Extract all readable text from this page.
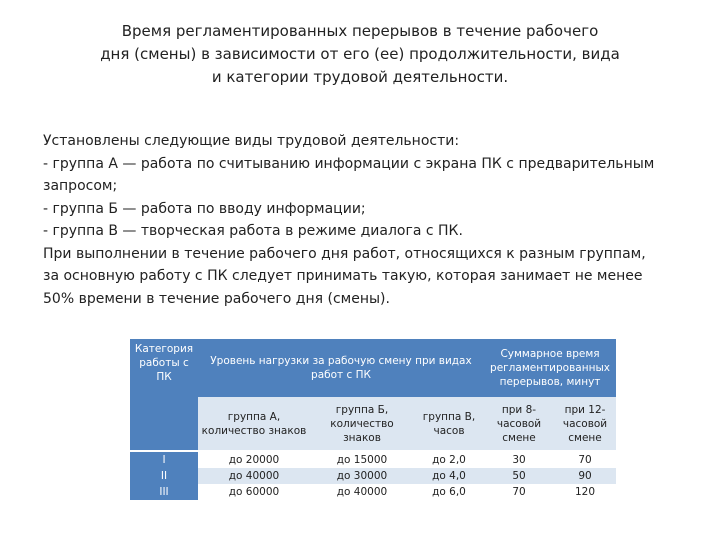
Время регламентированных перерывов в течение рабочего
дня (смены) в зависимости от его (ее) продолжительности, вида
и категории трудовой деятельности.
Установлены следующие виды трудовой деятельности:
- группа А — работа по считыванию информации с экрана ПК с предварительным
запросом;
- группа Б — работа по вводу информации;
- группа В — творческая работа в режиме диалога с ПК.
При выполнении в течение рабочего дня работ, относящихся к разным группам,
за основную работу с ПК следует принимать такую, которая занимает не менее
50% времени в течение рабочего дня (смены).
Категория работы с ПК	Уровень нагрузки за рабочую смену при видах работ с ПК			Суммарное время регламентированных перерывов, минут	
	группа А, количество знаков	группа Б, количество знаков	группа В, часов	при 8-часовой смене	при 12-часовой смене
I	до 20000	до 15000	до 2,0	30	70
II	до 40000	до 30000	до 4,0	50	90
III	до 60000	до 40000	до 6,0	70	120
